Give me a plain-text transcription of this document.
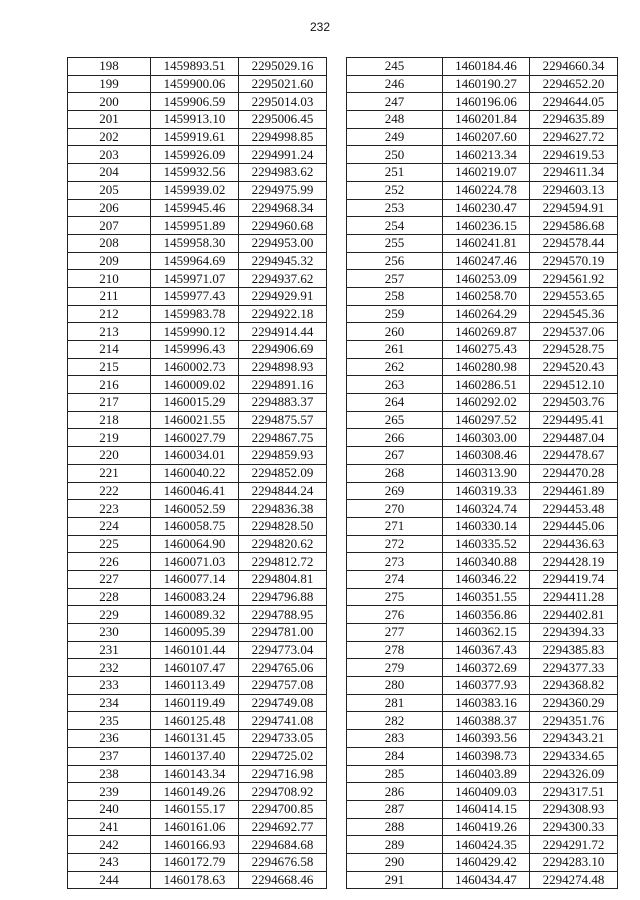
232
198	1459893.51	2295029.16
199	1459900.06	2295021.60
200	1459906.59	2295014.03
201	1459913.10	2295006.45
202	1459919.61	2294998.85
203	1459926.09	2294991.24
204	1459932.56	2294983.62
205	1459939.02	2294975.99
206	1459945.46	2294968.34
207	1459951.89	2294960.68
208	1459958.30	2294953.00
209	1459964.69	2294945.32
210	1459971.07	2294937.62
211	1459977.43	2294929.91
212	1459983.78	2294922.18
213	1459990.12	2294914.44
214	1459996.43	2294906.69
215	1460002.73	2294898.93
216	1460009.02	2294891.16
217	1460015.29	2294883.37
218	1460021.55	2294875.57
219	1460027.79	2294867.75
220	1460034.01	2294859.93
221	1460040.22	2294852.09
222	1460046.41	2294844.24
223	1460052.59	2294836.38
224	1460058.75	2294828.50
225	1460064.90	2294820.62
226	1460071.03	2294812.72
227	1460077.14	2294804.81
228	1460083.24	2294796.88
229	1460089.32	2294788.95
230	1460095.39	2294781.00
231	1460101.44	2294773.04
232	1460107.47	2294765.06
233	1460113.49	2294757.08
234	1460119.49	2294749.08
235	1460125.48	2294741.08
236	1460131.45	2294733.05
237	1460137.40	2294725.02
238	1460143.34	2294716.98
239	1460149.26	2294708.92
240	1460155.17	2294700.85
241	1460161.06	2294692.77
242	1460166.93	2294684.68
243	1460172.79	2294676.58
244	1460178.63	2294668.46
245	1460184.46	2294660.34
246	1460190.27	2294652.20
247	1460196.06	2294644.05
248	1460201.84	2294635.89
249	1460207.60	2294627.72
250	1460213.34	2294619.53
251	1460219.07	2294611.34
252	1460224.78	2294603.13
253	1460230.47	2294594.91
254	1460236.15	2294586.68
255	1460241.81	2294578.44
256	1460247.46	2294570.19
257	1460253.09	2294561.92
258	1460258.70	2294553.65
259	1460264.29	2294545.36
260	1460269.87	2294537.06
261	1460275.43	2294528.75
262	1460280.98	2294520.43
263	1460286.51	2294512.10
264	1460292.02	2294503.76
265	1460297.52	2294495.41
266	1460303.00	2294487.04
267	1460308.46	2294478.67
268	1460313.90	2294470.28
269	1460319.33	2294461.89
270	1460324.74	2294453.48
271	1460330.14	2294445.06
272	1460335.52	2294436.63
273	1460340.88	2294428.19
274	1460346.22	2294419.74
275	1460351.55	2294411.28
276	1460356.86	2294402.81
277	1460362.15	2294394.33
278	1460367.43	2294385.83
279	1460372.69	2294377.33
280	1460377.93	2294368.82
281	1460383.16	2294360.29
282	1460388.37	2294351.76
283	1460393.56	2294343.21
284	1460398.73	2294334.65
285	1460403.89	2294326.09
286	1460409.03	2294317.51
287	1460414.15	2294308.93
288	1460419.26	2294300.33
289	1460424.35	2294291.72
290	1460429.42	2294283.10
291	1460434.47	2294274.48
